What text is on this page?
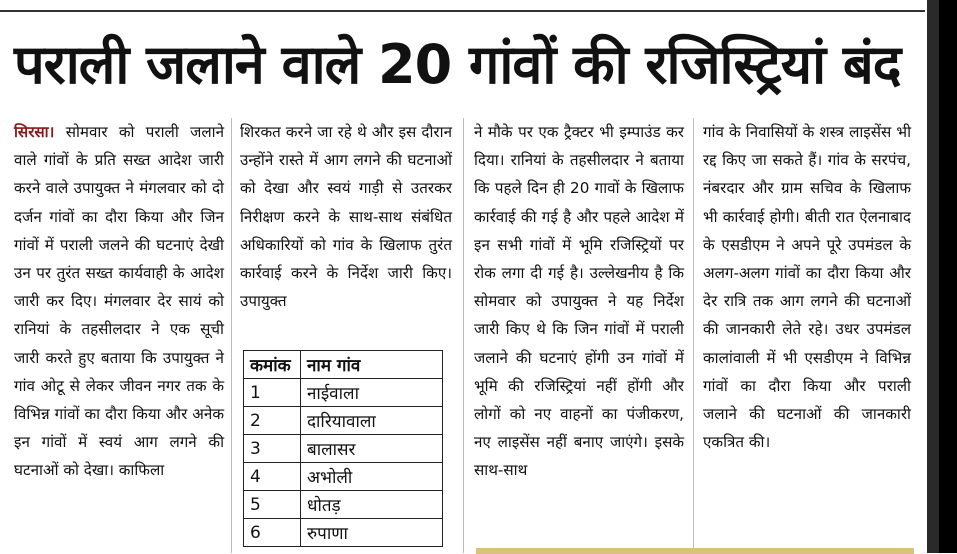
पराली जलाने वाले 20 गांवों की रजिस्ट्रियां बंद

सिरसा। सोमवार को पराली जलाने वाले गांवों के प्रति सख्त आदेश जारी करने वाले उपायुक्त ने मंगलवार को दो दर्जन गांवों का दौरा किया और जिन गांवों में पराली जलने की घटनाएं देखी उन पर तुरंत सख्त कार्यवाही के आदेश जारी कर दिए। मंगलवार देर सायं को रानियां के तहसीलदार ने एक सूची जारी करते हुए बताया कि उपायुक्त ने गांव ओटू से लेकर जीवन नगर तक के विभिन्न गांवों का दौरा किया और अनेक इन गांवों में स्वयं आग लगने की घटनाओं को देखा। काफिला

शिरकत करने जा रहे थे और इस दौरान उन्होंने रास्ते में आग लगने की घटनाओं को देखा और स्वयं गाड़ी से उतरकर निरीक्षण करने के साथ-साथ संबंधित अधिकारियों को गांव के खिलाफ तुरंत कार्रवाई करने के निर्देश जारी किए। उपायुक्त

कमांक	नाम गांव
1	नाईवाला
2	दारियावाला
3	बालासर
4	अभोली
5	धोतड़
6	रुपाणा

ने मौके पर एक ट्रैक्टर भी इम्पाउंड कर दिया। रानियां के तहसीलदार ने बताया कि पहले दिन ही 20 गावों के खिलाफ कार्रवाई की गई है और पहले आदेश में इन सभी गांवों में भूमि रजिस्ट्रियों पर रोक लगा दी गई है। उल्लेखनीय है कि सोमवार को उपायुक्त ने यह निर्देश जारी किए थे कि जिन गांवों में पराली जलाने की घटनाएं होंगी उन गांवों में भूमि की रजिस्ट्रियां नहीं होंगी और लोगों को नए वाहनों का पंजीकरण, नए लाइसेंस नहीं बनाए जाएंगे। इसके साथ-साथ

गांव के निवासियों के शस्त्र लाइसेंस भी रद्द किए जा सकते हैं। गांव के सरपंच, नंबरदार और ग्राम सचिव के खिलाफ भी कार्रवाई होगी। बीती रात ऐलनाबाद के एसडीएम ने अपने पूरे उपमंडल के अलग-अलग गांवों का दौरा किया और देर रात्रि तक आग लगने की घटनाओं की जानकारी लेते रहे। उधर उपमंडल कालांवाली में भी एसडीएम ने विभिन्न गांवों का दौरा किया और पराली जलाने की घटनाओं की जानकारी एकत्रित की।
